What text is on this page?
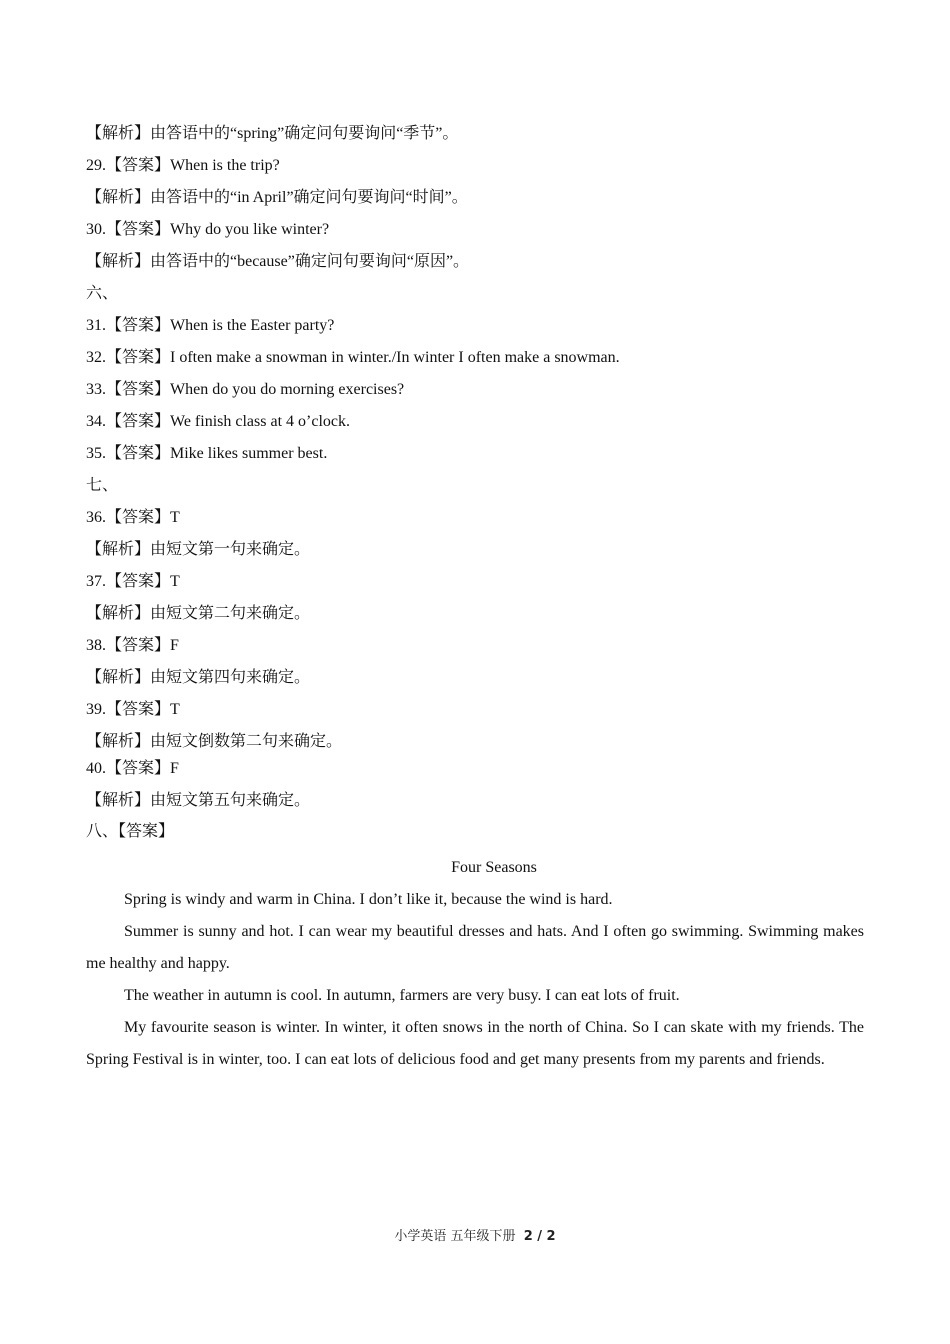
【解析】由答语中的“spring”确定问句要询问“季节”。
29.【答案】When is the trip?
【解析】由答语中的“in April”确定问句要询问“时间”。
30.【答案】Why do you like winter?
【解析】由答语中的“because”确定问句要询问“原因”。
六、
31.【答案】When is the Easter party?
32.【答案】I often make a snowman in winter./In winter I often make a snowman.
33.【答案】When do you do morning exercises?
34.【答案】We finish class at 4 o’clock.
35.【答案】Mike likes summer best.
七、
36.【答案】T
【解析】由短文第一句来确定。
37.【答案】T
【解析】由短文第二句来确定。
38.【答案】F
【解析】由短文第四句来确定。
39.【答案】T
【解析】由短文倒数第二句来确定。
40.【答案】F
【解析】由短文第五句来确定。
八、【答案】
Four Seasons

Spring is windy and warm in China. I don’t like it, because the wind is hard.

Summer is sunny and hot. I can wear my beautiful dresses and hats. And I often go swimming. Swimming makes me healthy and happy.

The weather in autumn is cool. In autumn, farmers are very busy. I can eat lots of fruit.

My favourite season is winter. In winter, it often snows in the north of China. So I can skate with my friends. The Spring Festival is in winter, too. I can eat lots of delicious food and get many presents from my parents and friends.

小学英语 五年级下册 2 / 2
